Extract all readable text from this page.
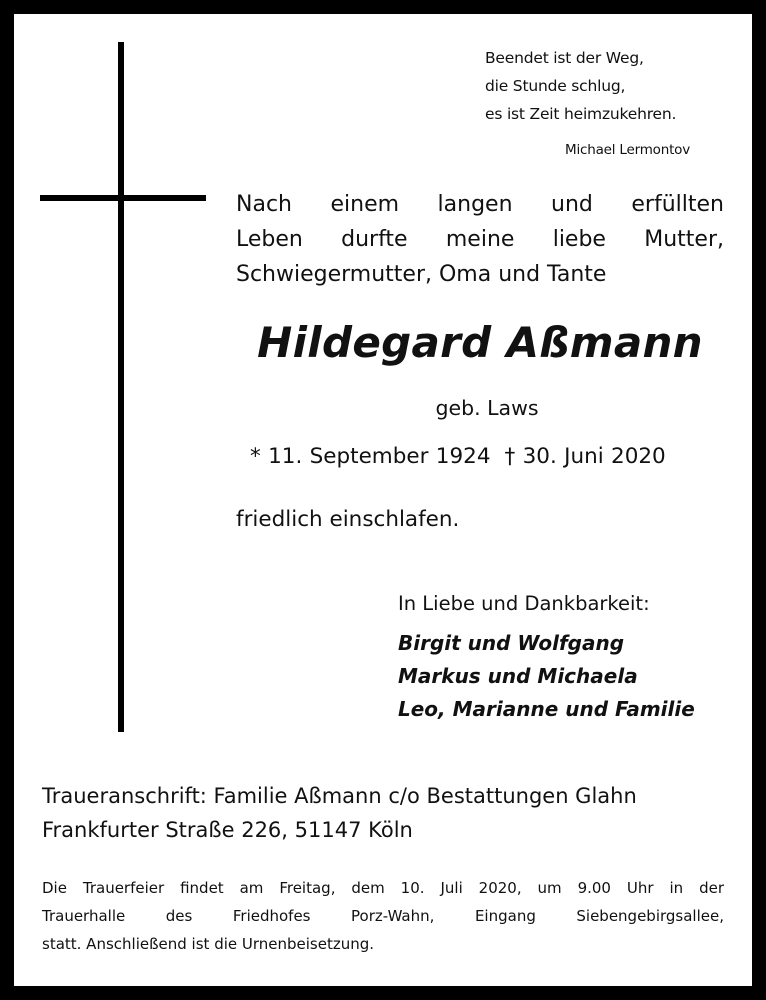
Beendet ist der Weg,
die Stunde schlug,
es ist Zeit heimzukehren.
Michael Lermontov
Nach einem langen und erfüllten
Leben durfte meine liebe Mutter,
Schwiegermutter, Oma und Tante
Hildegard Aßmann
geb. Laws
* 11. September 1924 † 30. Juni 2020
friedlich einschlafen.
In Liebe und Dankbarkeit:
Birgit und Wolfgang
Markus und Michaela
Leo, Marianne und Familie
Traueranschrift: Familie Aßmann c/o Bestattungen Glahn
Frankfurter Straße 226, 51147 Köln
Die Trauerfeier findet am Freitag, dem 10. Juli 2020, um 9.00 Uhr in der
Trauerhalle des Friedhofes Porz-Wahn, Eingang Siebengebirgsallee,
statt. Anschließend ist die Urnenbeisetzung.
